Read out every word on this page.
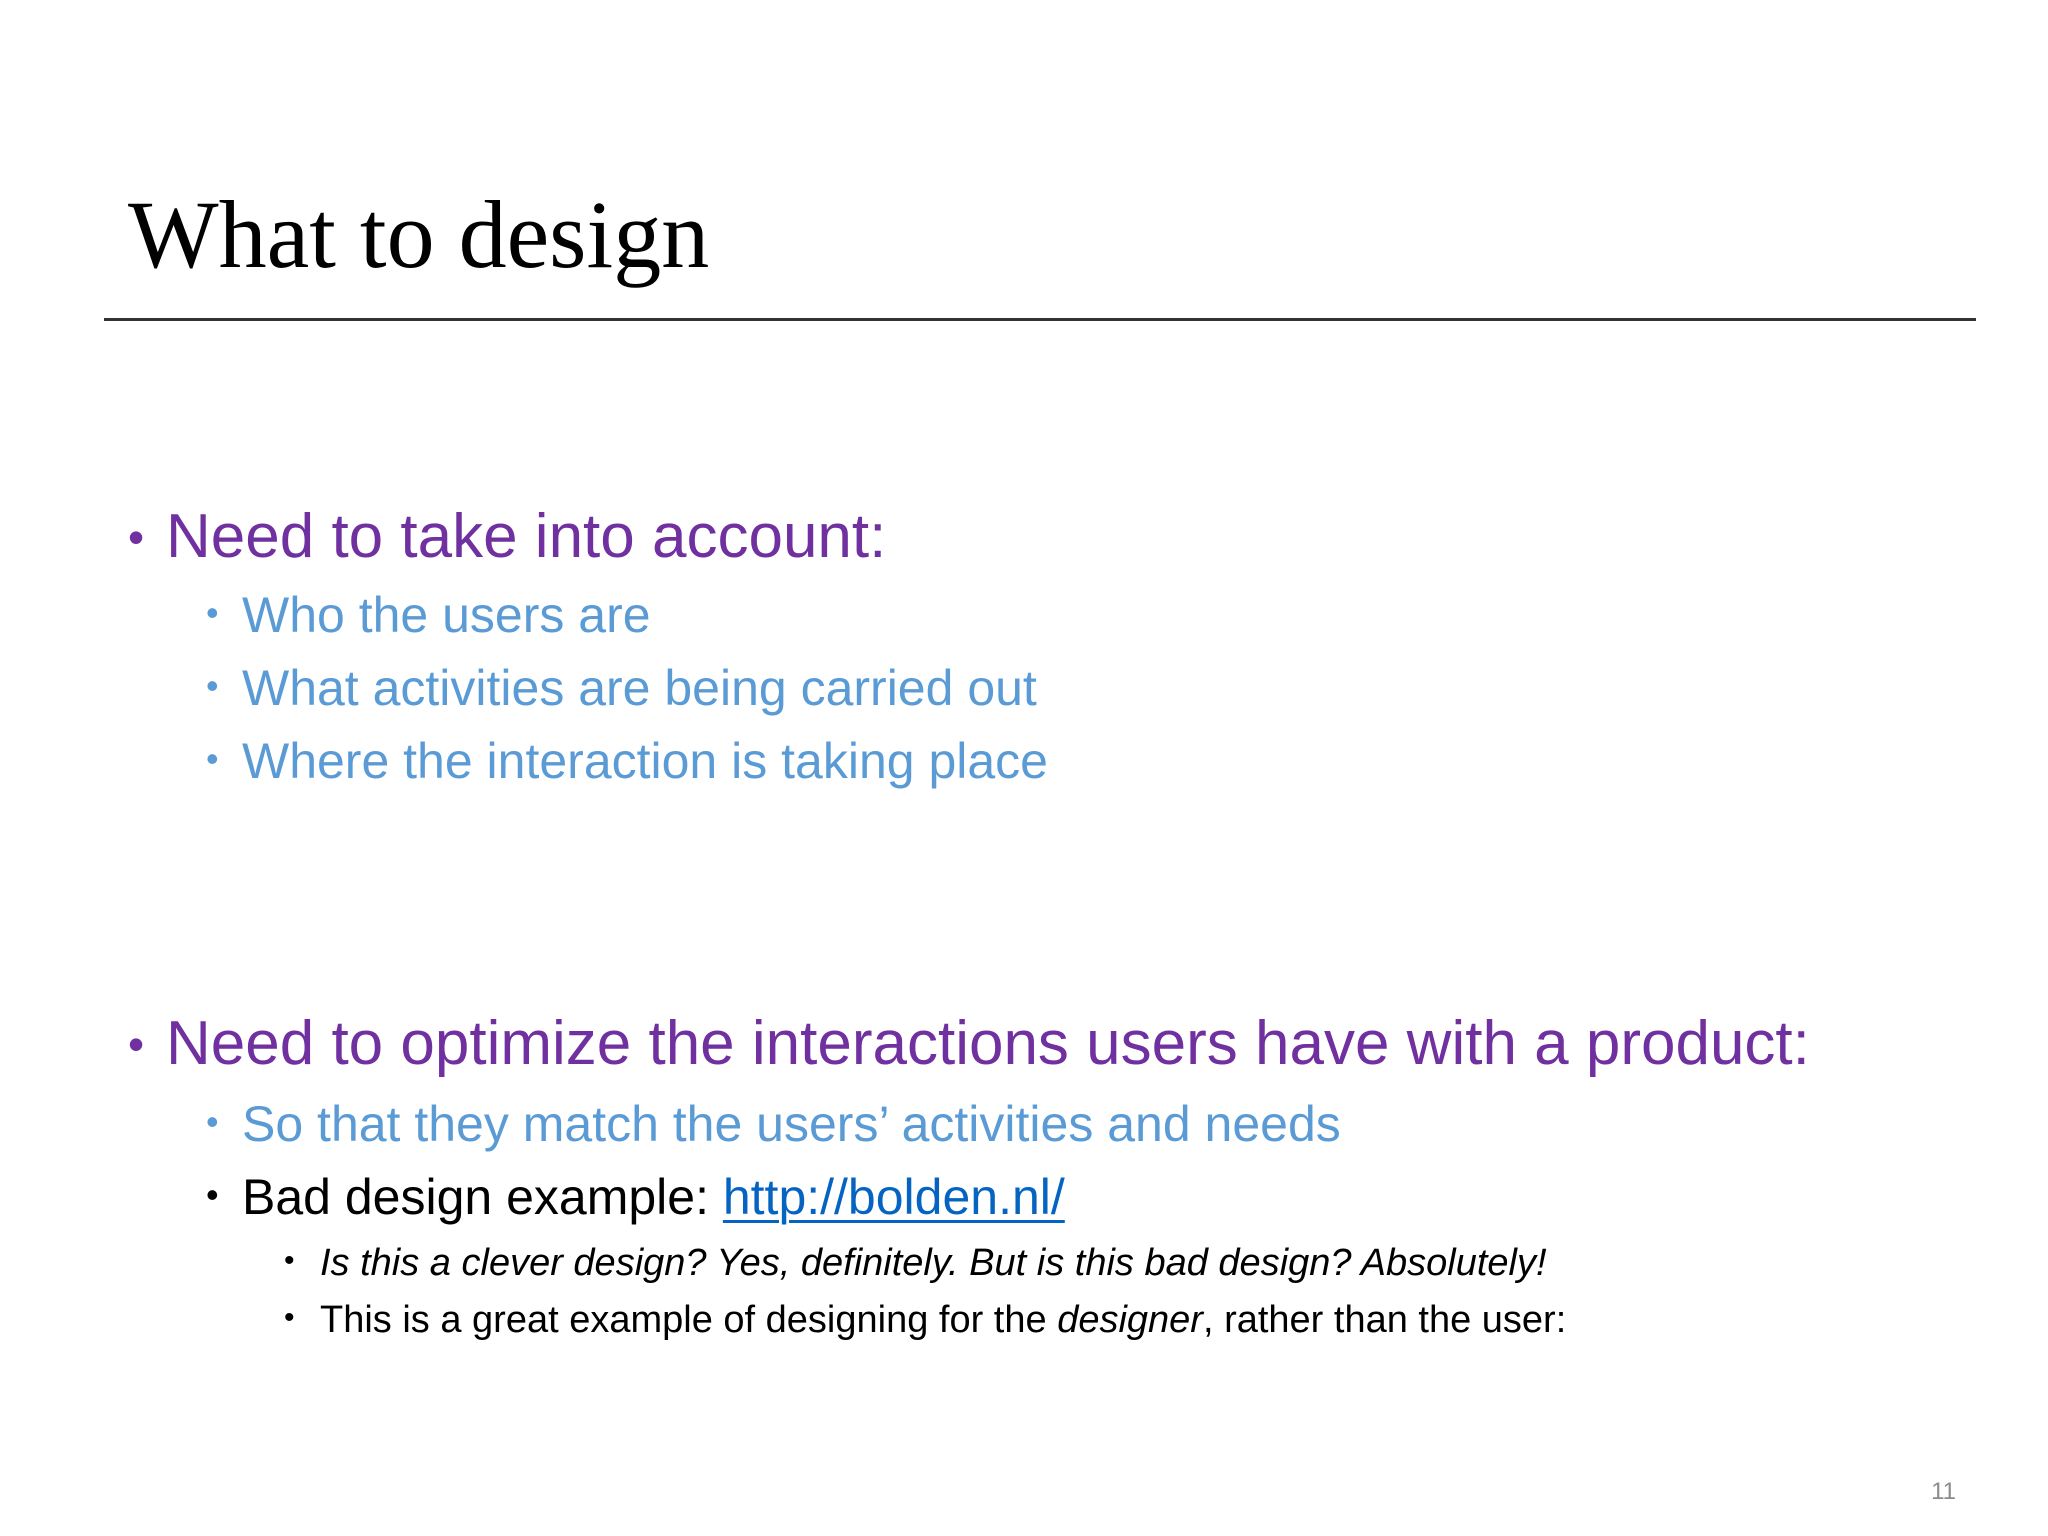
What to design
• Need to take into account:
• Who the users are
• What activities are being carried out
• Where the interaction is taking place
• Need to optimize the interactions users have with a product:
• So that they match the users’ activities and needs
• Bad design example: http://bolden.nl/
• Is this a clever design? Yes, definitely. But is this bad design? Absolutely!
• This is a great example of designing for the designer, rather than the user:
11
